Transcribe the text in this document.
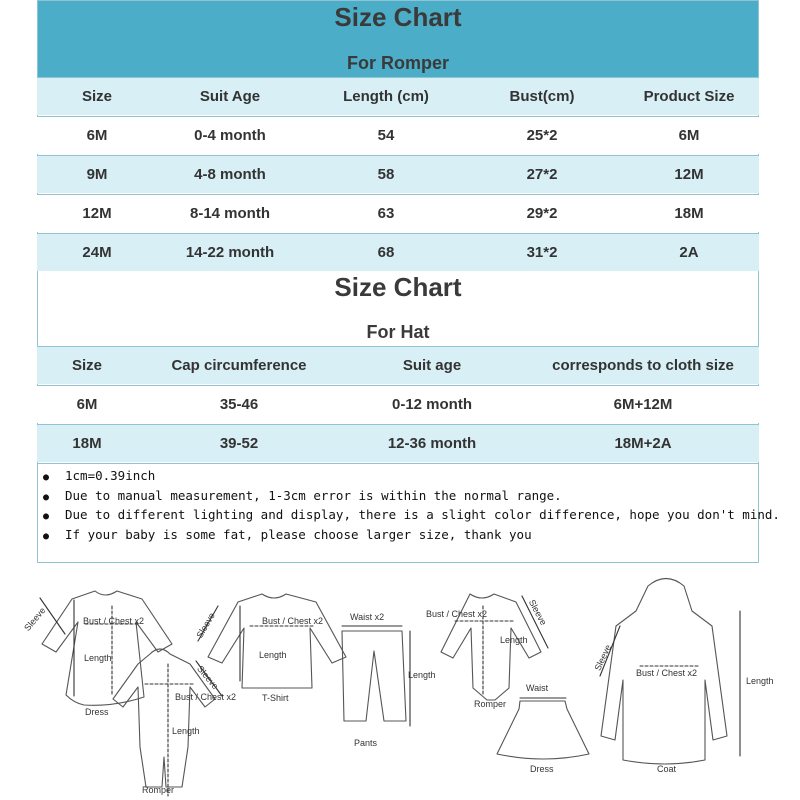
Size Chart
For Romper
Size	Suit Age	Length (cm)	Bust(cm)	Product Size
6M	0-4 month	54	25*2	6M
9M	4-8 month	58	27*2	12M
12M	8-14 month	63	29*2	18M
24M	14-22 month	68	31*2	2A
Size Chart
For Hat
Size	Cap circumference	Suit age	corresponds to cloth size
6M	35-46	0-12 month	6M+12M
18M	39-52	12-36 month	18M+2A
● 1cm=0.39inch
● Due to manual measurement, 1-3cm error is within the normal range.
● Due to different lighting and display, there is a slight color difference, hope you don't mind.
● If your baby is some fat, please choose larger size, thank you
Sleeve	Bust / Chest x2
Length
Dress
Sleeve
Bust / Chest x2
Length
Romper
Sleeve	Bust / Chest x2
Length
T-Shirt
Waist x2
Length
Pants
Sleeve
Bust / Chest x2
Length
Romper
Waist
Dress
Sleeve
Bust / Chest x2
Length
Coat
